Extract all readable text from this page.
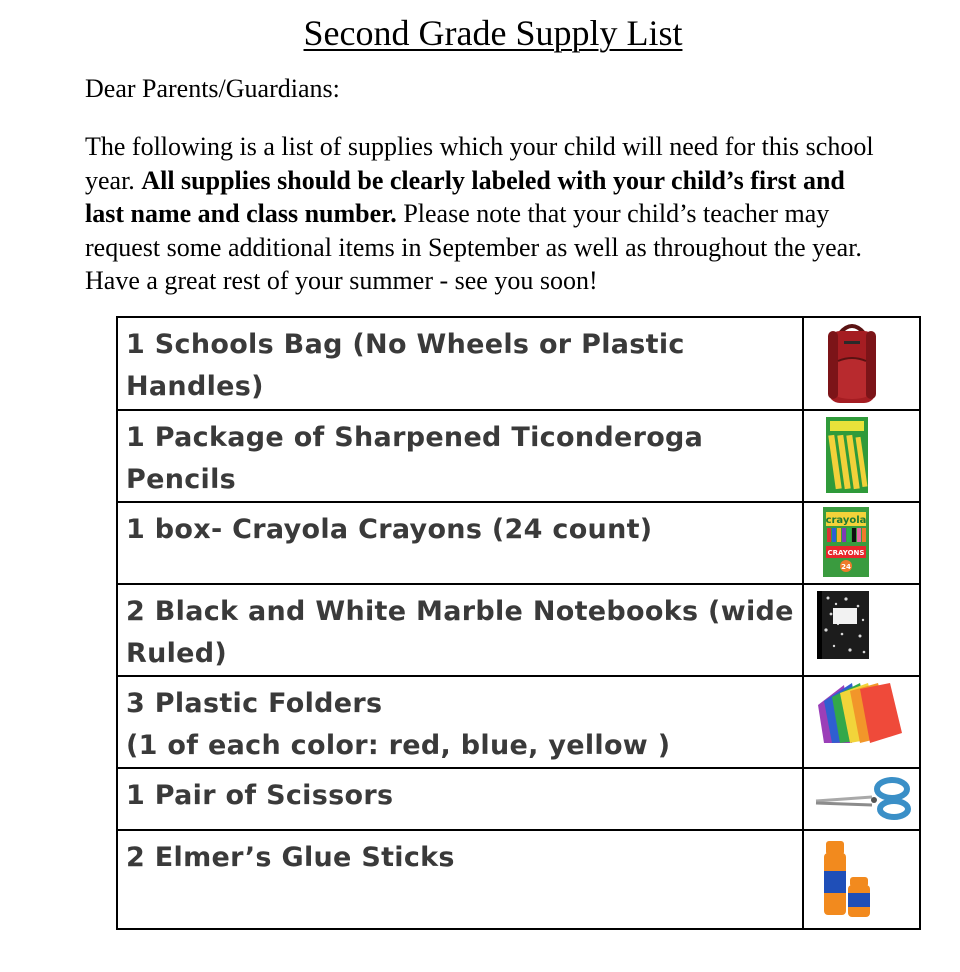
Second Grade Supply List
Dear Parents/Guardians:
The following is a list of supplies which your child will need for this school year. All supplies should be clearly labeled with your child’s first and last name and class number. Please note that your child’s teacher may request some additional items in September as well as throughout the year. Have a great rest of your summer - see you soon!
1 Schools Bag (No Wheels or Plastic Handles)	

1 Package of Sharpened Ticonderoga Pencils	

1 box- Crayola Crayons (24 count)	crayola
CRAYONS
24

2 Black and White Marble Notebooks (wide Ruled)	

3 Plastic Folders
(1 of each color: red, blue, yellow )

1 Pair of Scissors	

2 Elmer’s Glue Sticks	
